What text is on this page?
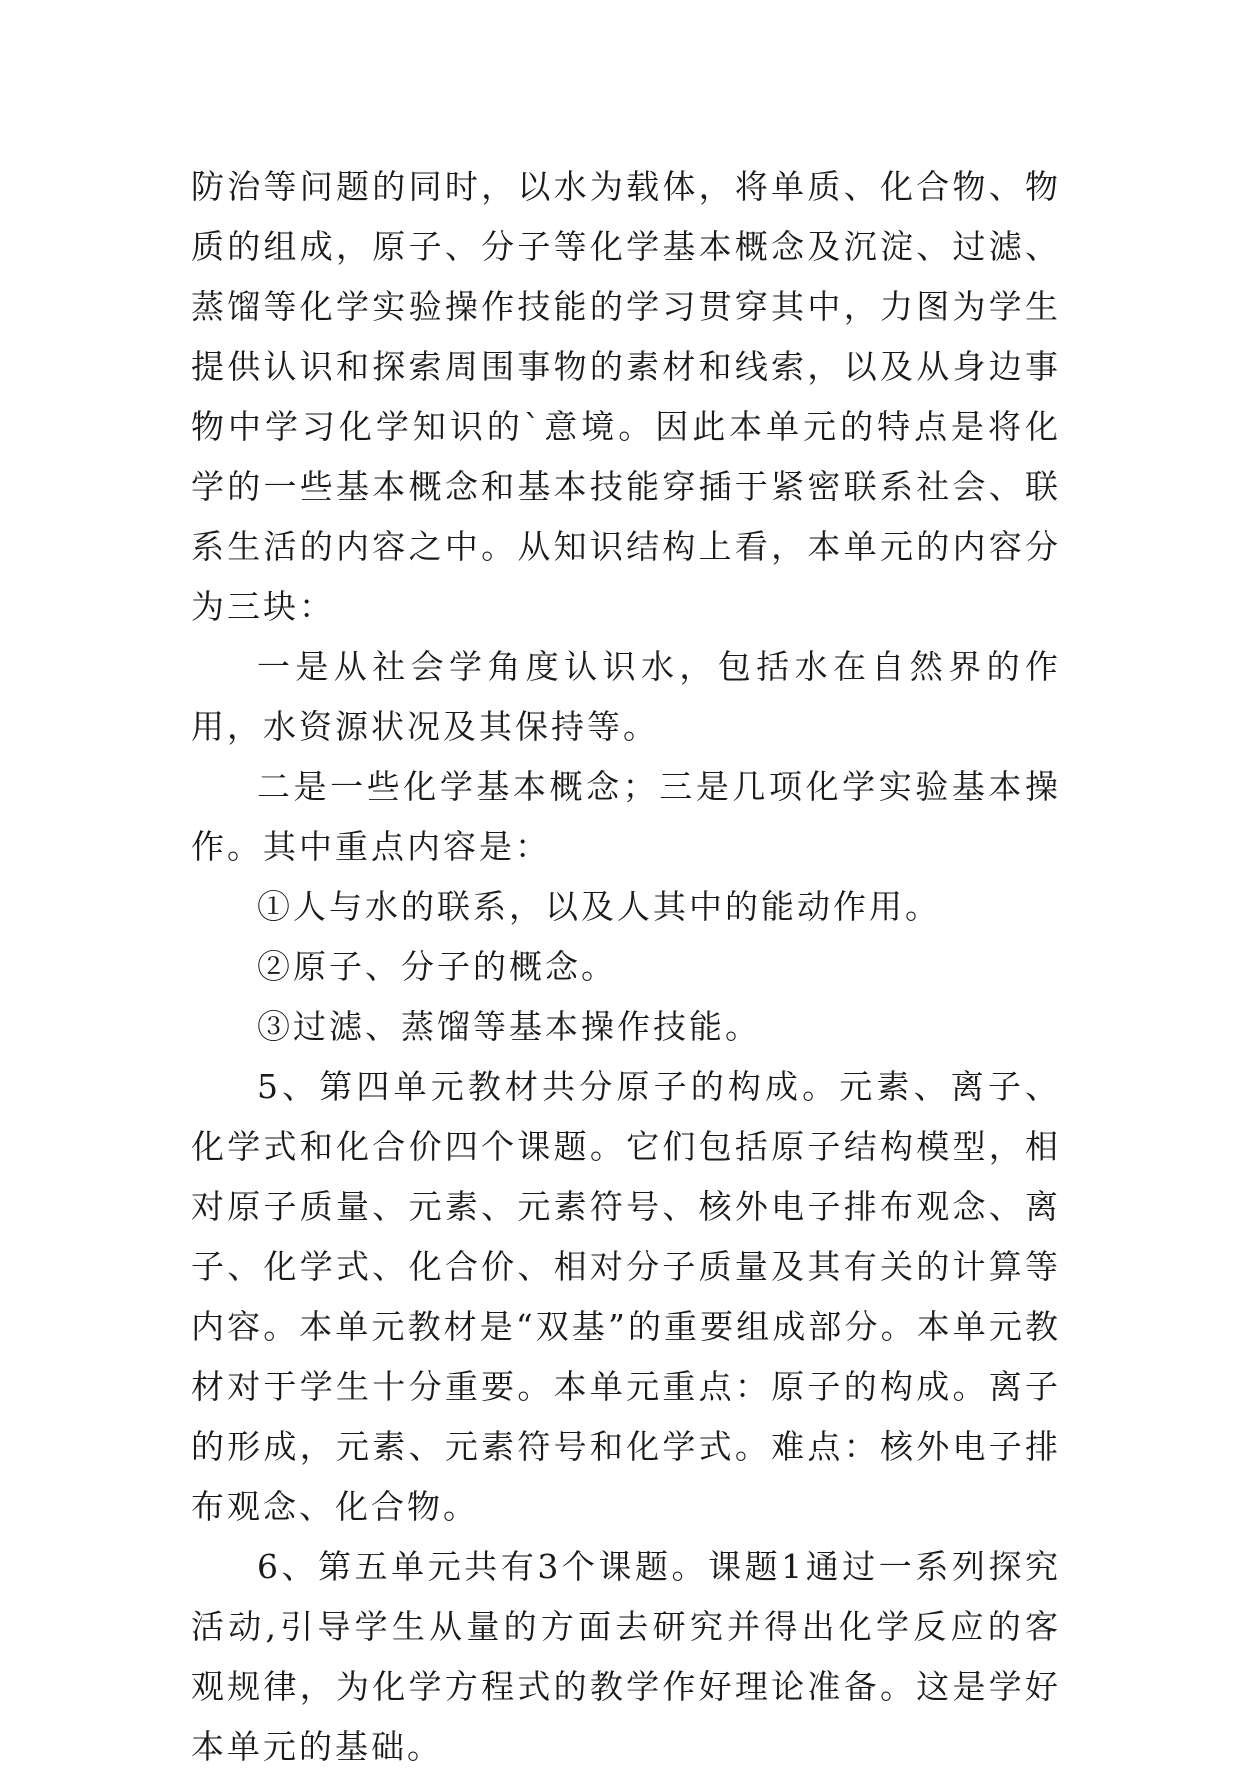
防治等问题的同时，以水为载体，将单质、化合物、物质的组成，原子、分子等化学基本概念及沉淀、过滤、蒸馏等化学实验操作技能的学习贯穿其中，力图为学生提供认识和探索周围事物的素材和线索，以及从身边事物中学习化学知识的`意境。因此本单元的特点是将化学的一些基本概念和基本技能穿插于紧密联系社会、联系生活的内容之中。从知识结构上看，本单元的内容分为三块：

一是从社会学角度认识水，包括水在自然界的作用，水资源状况及其保持等。

二是一些化学基本概念；三是几项化学实验基本操作。其中重点内容是：

①人与水的联系，以及人其中的能动作用。

②原子、分子的概念。

③过滤、蒸馏等基本操作技能。

5、第四单元教材共分原子的构成。元素、离子、化学式和化合价四个课题。它们包括原子结构模型，相对原子质量、元素、元素符号、核外电子排布观念、离子、化学式、化合价、相对分子质量及其有关的计算等内容。本单元教材是“双基”的重要组成部分。本单元教材对于学生十分重要。本单元重点：原子的构成。离子的形成，元素、元素符号和化学式。难点：核外电子排布观念、化合物。

6、第五单元共有3个课题。课题1通过一系列探究活动,引导学生从量的方面去研究并得出化学反应的客观规律，为化学方程式的教学作好理论准备。这是学好本单元的基础。
